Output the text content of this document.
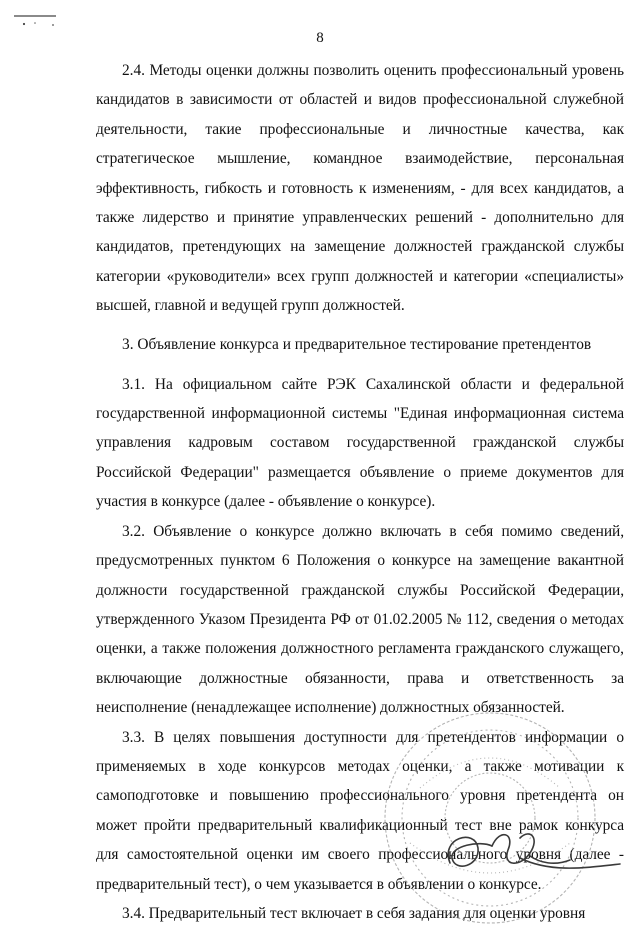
8

2.4. Методы оценки должны позволить оценить профессиональный уровень кандидатов в зависимости от областей и видов профессиональной служебной деятельности, такие профессиональные и личностные качества, как стратегическое мышление, командное взаимодействие, персональная эффективность, гибкость и готовность к изменениям, - для всех кандидатов, а также лидерство и принятие управленческих решений - дополнительно для кандидатов, претендующих на замещение должностей гражданской службы категории «руководители» всех групп должностей и категории «специалисты» высшей, главной и ведущей групп должностей.

3. Объявление конкурса и предварительное тестирование претендентов

3.1. На официальном сайте РЭК Сахалинской области и федеральной государственной информационной системы "Единая информационная система управления кадровым составом государственной гражданской службы Российской Федерации" размещается объявление о приеме документов для участия в конкурсе (далее - объявление о конкурсе).

3.2. Объявление о конкурсе должно включать в себя помимо сведений, предусмотренных пунктом 6 Положения о конкурсе на замещение вакантной должности государственной гражданской службы Российской Федерации, утвержденного Указом Президента РФ от 01.02.2005 № 112, сведения о методах оценки, а также положения должностного регламента гражданского служащего, включающие должностные обязанности, права и ответственность за неисполнение (ненадлежащее исполнение) должностных обязанностей.

3.3. В целях повышения доступности для претендентов информации о применяемых в ходе конкурсов методах оценки, а также мотивации к самоподготовке и повышению профессионального уровня претендента он может пройти предварительный квалификационный тест вне рамок конкурса для самостоятельной оценки им своего профессионального уровня (далее - предварительный тест), о чем указывается в объявлении о конкурсе.

3.4. Предварительный тест включает в себя задания для оценки уровня
